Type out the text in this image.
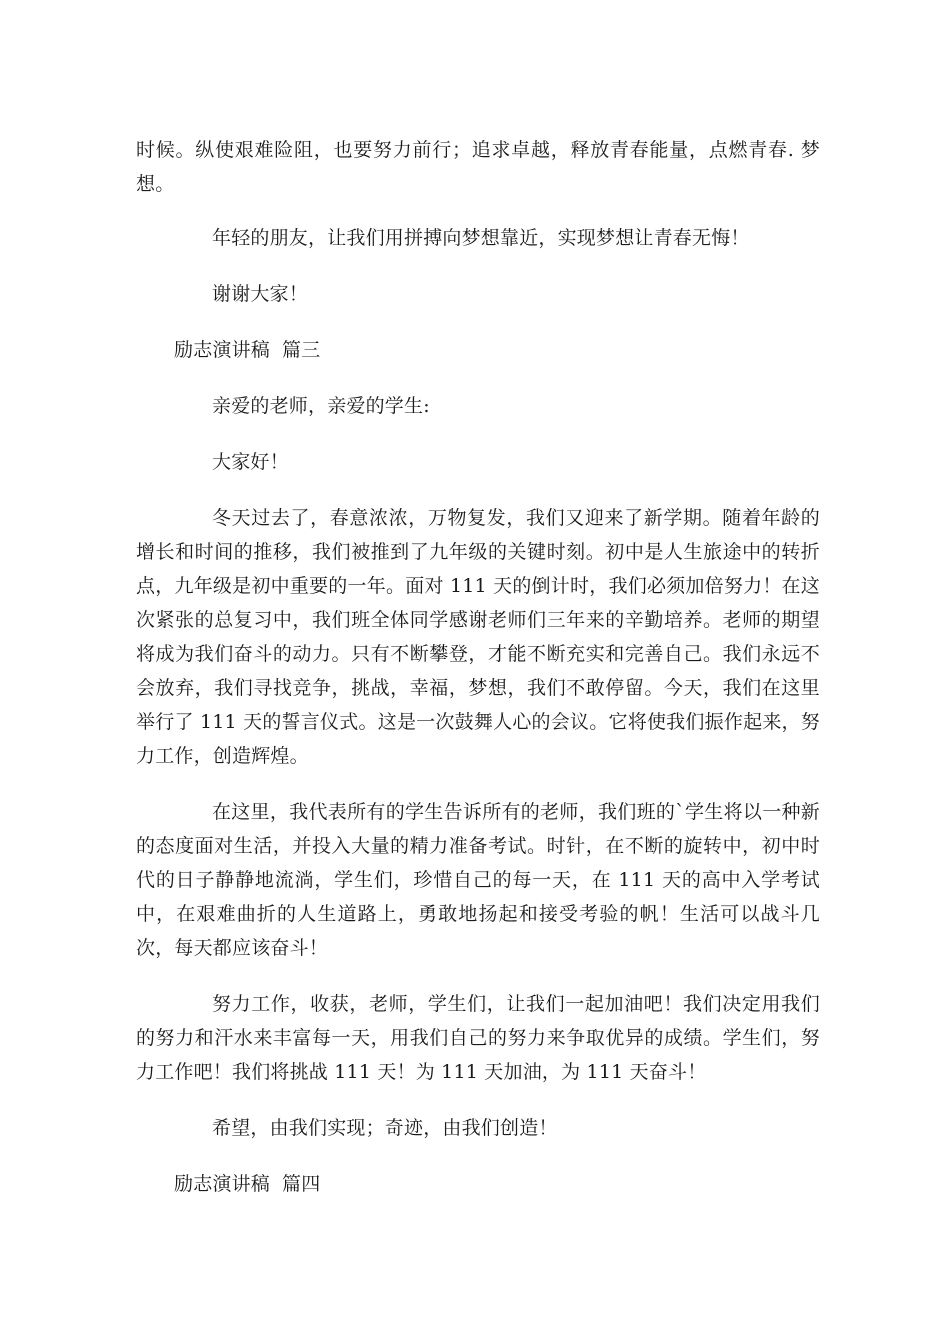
时候。纵使艰难险阻，也要努力前行；追求卓越，释放青春能量，点燃青春. 梦想。

年轻的朋友，让我们用拼搏向梦想靠近，实现梦想让青春无悔！

谢谢大家！

励志演讲稿 篇三

亲爱的老师，亲爱的学生:

大家好！

冬天过去了，春意浓浓，万物复发，我们又迎来了新学期。随着年龄的增长和时间的推移，我们被推到了九年级的关键时刻。初中是人生旅途中的转折点，九年级是初中重要的一年。面对 111 天的倒计时，我们必须加倍努力！在这次紧张的总复习中，我们班全体同学感谢老师们三年来的辛勤培养。老师的期望将成为我们奋斗的动力。只有不断攀登，才能不断充实和完善自己。我们永远不会放弃，我们寻找竞争，挑战，幸福，梦想，我们不敢停留。今天，我们在这里举行了 111 天的誓言仪式。这是一次鼓舞人心的会议。它将使我们振作起来，努力工作，创造辉煌。

在这里，我代表所有的学生告诉所有的老师，我们班的`学生将以一种新的态度面对生活，并投入大量的精力准备考试。时针，在不断的旋转中，初中时代的日子静静地流淌，学生们，珍惜自己的每一天，在 111 天的高中入学考试中，在艰难曲折的人生道路上，勇敢地扬起和接受考验的帆！生活可以战斗几次，每天都应该奋斗！

努力工作，收获，老师，学生们，让我们一起加油吧！我们决定用我们的努力和汗水来丰富每一天，用我们自己的努力来争取优异的成绩。学生们，努力工作吧！我们将挑战 111 天！为 111 天加油，为 111 天奋斗！

希望，由我们实现；奇迹，由我们创造！

励志演讲稿 篇四
